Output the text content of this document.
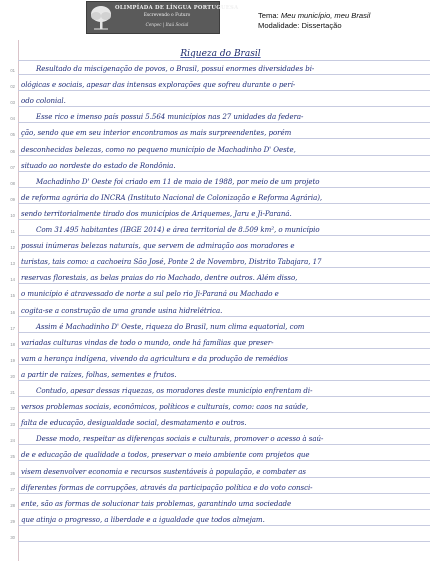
OLIMPÍADA DE LÍNGUA PORTUGUESA
Escrevendo o Futuro
Cenpec | Itaú Social
Tema: Meu município, meu Brasil
Modalidade: Dissertação
Riqueza do Brasil
01	Resultado da miscigenação de povos, o Brasil, possui enormes diversidades bi-
02 ológicas e sociais, apesar das intensas explorações que sofreu durante o perí-
03 odo colonial.
04	Esse rico e imenso país possui 5.564 municípios nas 27 unidades da federa-
05 ção, sendo que em seu interior encontramos as mais surpreendentes, porém
06 desconhecidas belezas, como no pequeno município de Machadinho D' Oeste,
07 situado ao nordeste do estado de Rondônia.
08	Machadinho D' Oeste foi criado em 11 de maio de 1988, por meio de um projeto
09 de reforma agrária do INCRA (Instituto Nacional de Colonização e Reforma Agrária),
10 sendo territorialmente tirado dos municípios de Ariquemes, Jaru e Ji-Paraná.
11	Com 31.495 habitantes (IBGE 2014) e área territorial de 8.509 km², o município
12 possui inúmeras belezas naturais, que servem de admiração aos moradores e
13 turistas, tais como: a cachoeira São José, Ponte 2 de Novembro, Distrito Tabajara, 17
14 reservas florestais, as belas praias do rio Machado, dentre outros. Além disso,
15 o município é atravessado de norte a sul pelo rio Ji-Paraná ou Machado e
16 cogita-se a construção de uma grande usina hidrelétrica.
17	Assim é Machadinho D' Oeste, riqueza do Brasil, num clima equatorial, com
18 variadas culturas vindas de todo o mundo, onde há famílias que preser-
19 vam a herança indígena, vivendo da agricultura e da produção de remédios
20 a partir de raízes, folhas, sementes e frutos.
21	Contudo, apesar dessas riquezas, os moradores deste município enfrentam di-
22 versos problemas sociais, econômicos, políticos e culturais, como: caos na saúde,
23 falta de educação, desigualdade social, desmatamento e outros.
24	Desse modo, respeitar as diferenças sociais e culturais, promover o acesso à saú-
25 de e educação de qualidade a todos, preservar o meio ambiente com projetos que
26 visem desenvolver economia e recursos sustentáveis à população, e combater as
27 diferentes formas de corrupções, através da participação política e do voto consci-
28 ente, são as formas de solucionar tais problemas, garantindo uma sociedade
29 que atinja o progresso, a liberdade e a igualdade que todos almejam.
30
